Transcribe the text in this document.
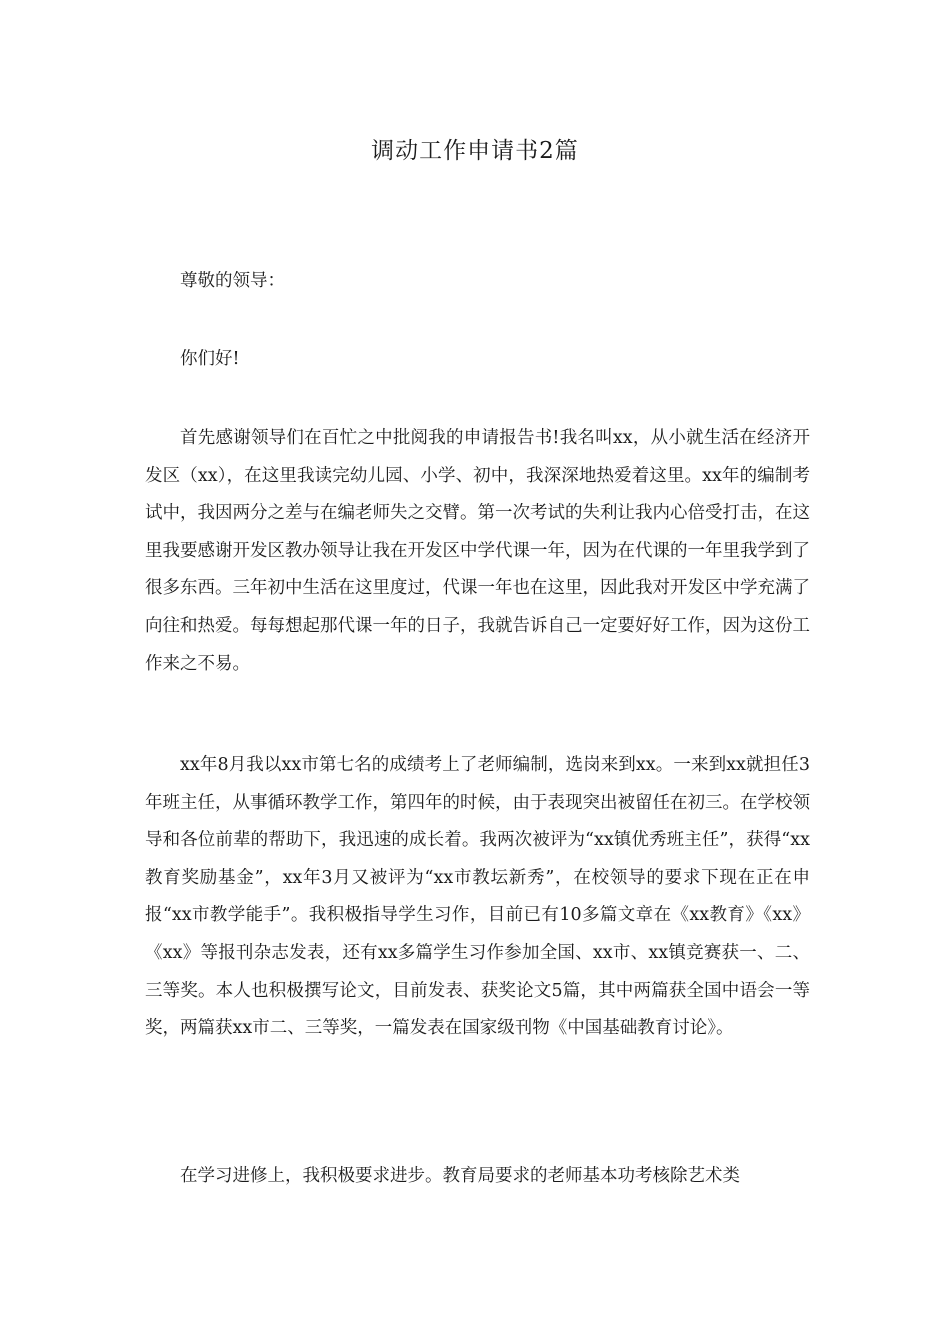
调动工作申请书2篇

尊敬的领导：

你们好!

首先感谢领导们在百忙之中批阅我的申请报告书!我名叫xx，从小就生活在经济开发区（xx），在这里我读完幼儿园、小学、初中，我深深地热爱着这里。xx年的编制考试中，我因两分之差与在编老师失之交臂。第一次考试的失利让我内心倍受打击，在这里我要感谢开发区教办领导让我在开发区中学代课一年，因为在代课的一年里我学到了很多东西。三年初中生活在这里度过，代课一年也在这里，因此我对开发区中学充满了向往和热爱。每每想起那代课一年的日子，我就告诉自己一定要好好工作，因为这份工作来之不易。

xx年8月我以xx市第七名的成绩考上了老师编制，选岗来到xx。一来到xx就担任3年班主任，从事循环教学工作，第四年的时候，由于表现突出被留任在初三。在学校领导和各位前辈的帮助下，我迅速的成长着。我两次被评为“xx镇优秀班主任”，获得“xx教育奖励基金”，xx年3月又被评为“xx市教坛新秀”，在校领导的要求下现在正在申报“xx市教学能手”。我积极指导学生习作，目前已有10多篇文章在《xx教育》《xx》《xx》等报刊杂志发表，还有xx多篇学生习作参加全国、xx市、xx镇竞赛获一、二、三等奖。本人也积极撰写论文，目前发表、获奖论文5篇，其中两篇获全国中语会一等奖，两篇获xx市二、三等奖，一篇发表在国家级刊物《中国基础教育讨论》。

在学习进修上，我积极要求进步。教育局要求的老师基本功考核除艺术类
